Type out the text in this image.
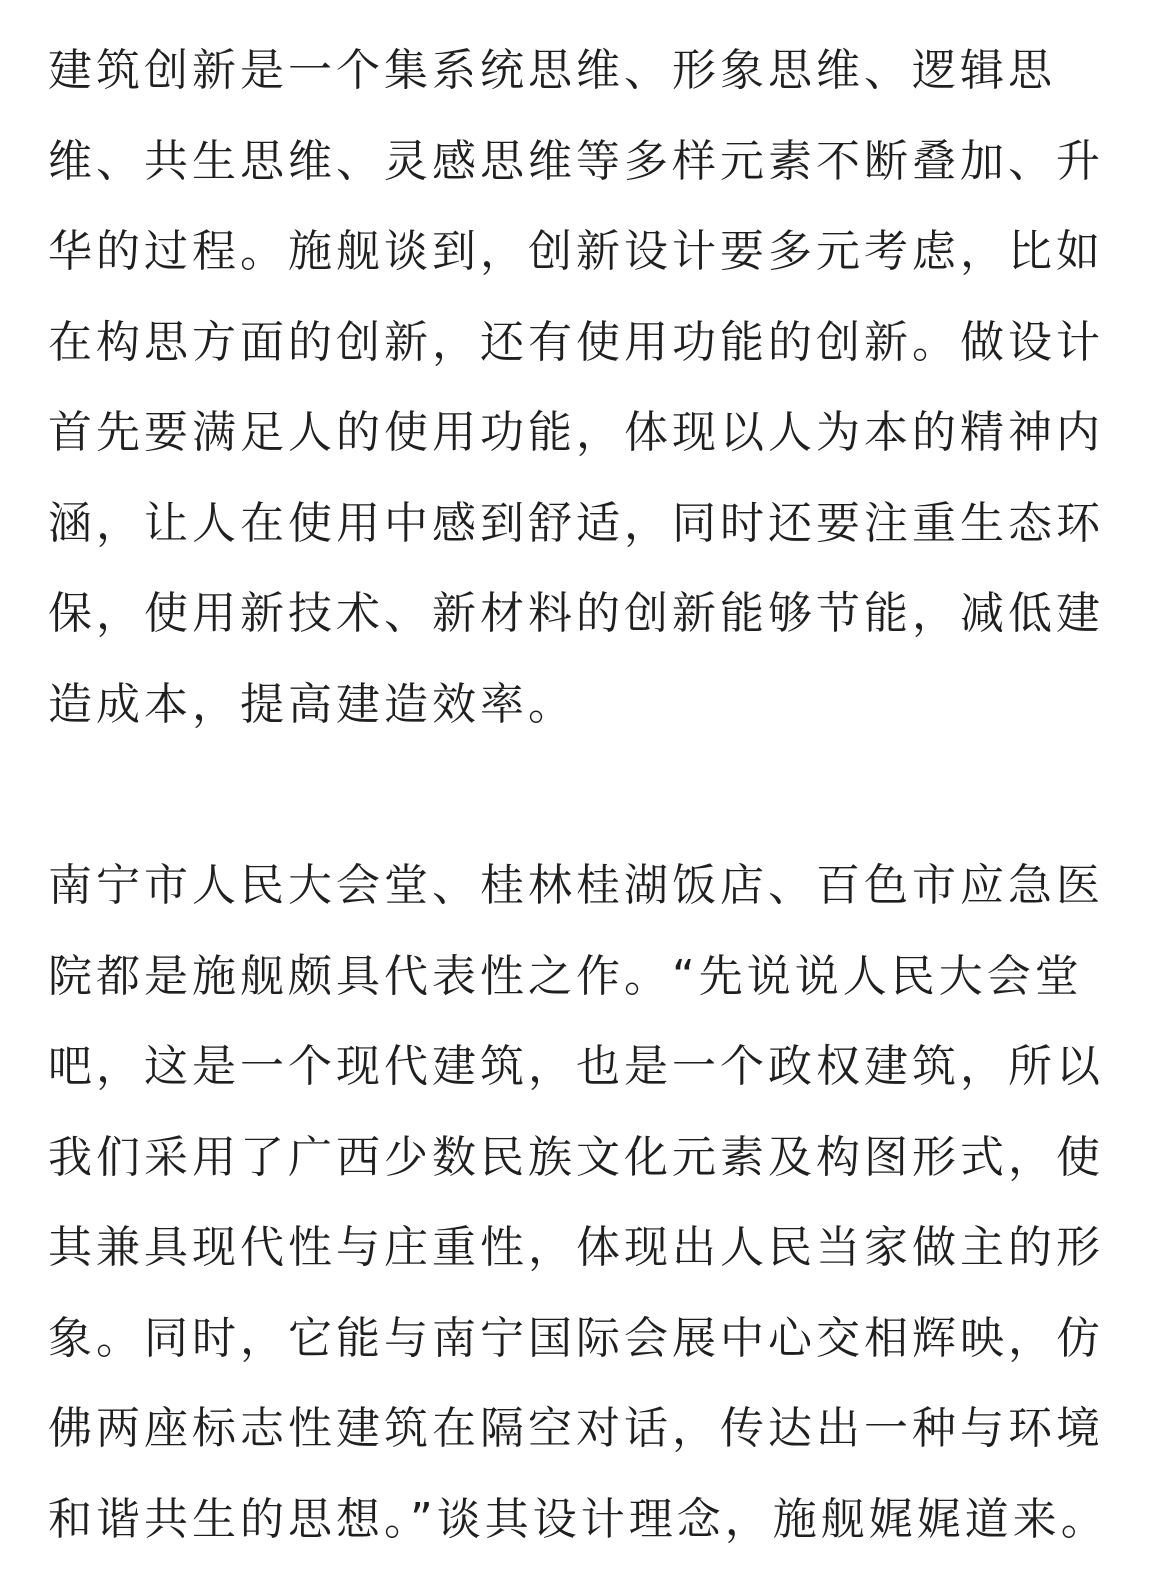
建筑创新是一个集系统思维、形象思维、逻辑思
维、共生思维、灵感思维等多样元素不断叠加、升
华的过程。施舰谈到，创新设计要多元考虑，比如
在构思方面的创新，还有使用功能的创新。做设计
首先要满足人的使用功能，体现以人为本的精神内
涵，让人在使用中感到舒适，同时还要注重生态环
保，使用新技术、新材料的创新能够节能，减低建
造成本，提高建造效率。

南宁市人民大会堂、桂林桂湖饭店、百色市应急医
院都是施舰颇具代表性之作。“先说说人民大会堂
吧，这是一个现代建筑，也是一个政权建筑，所以
我们采用了广西少数民族文化元素及构图形式，使
其兼具现代性与庄重性，体现出人民当家做主的形
象。同时，它能与南宁国际会展中心交相辉映，仿
佛两座标志性建筑在隔空对话，传达出一种与环境
和谐共生的思想。”谈其设计理念，施舰娓娓道来。
